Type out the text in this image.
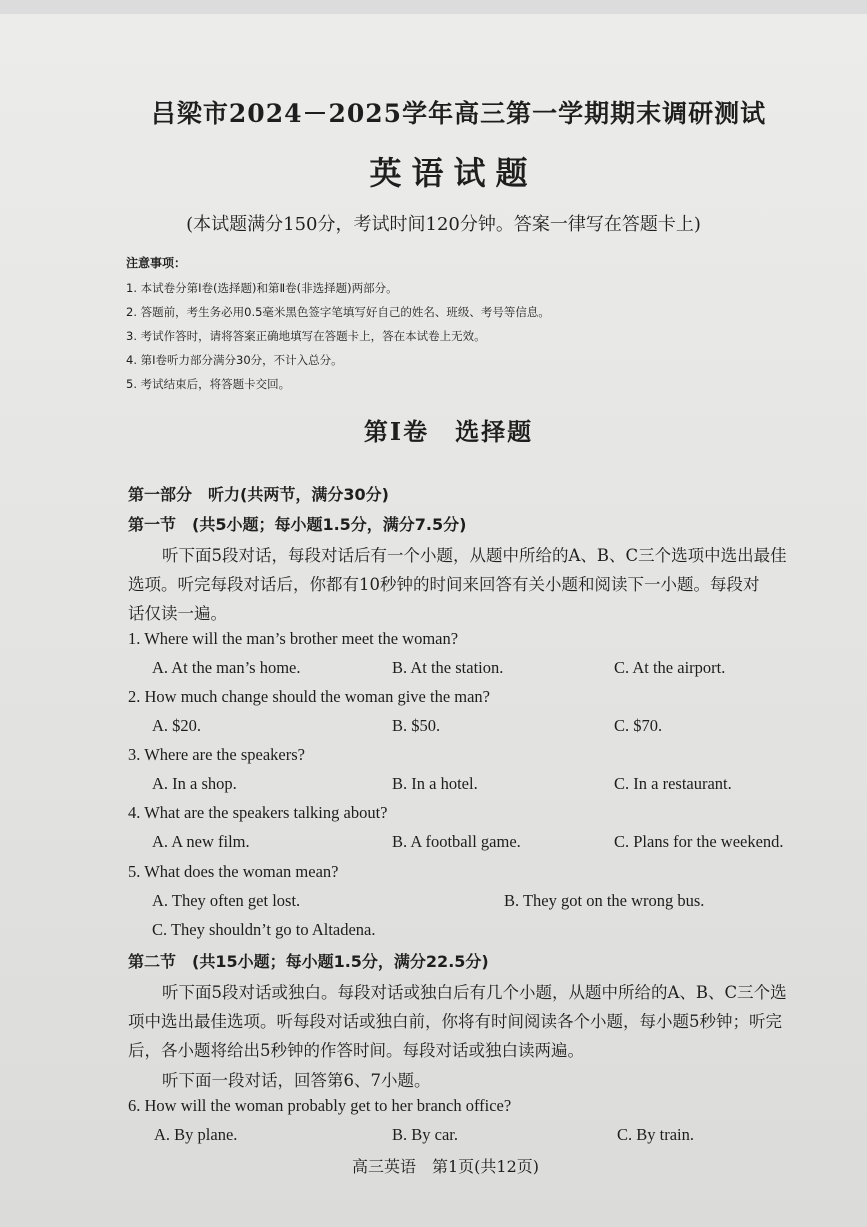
吕梁市2024－2025学年高三第一学期期末调研测试
英语试题
(本试题满分150分，考试时间120分钟。答案一律写在答题卡上)
注意事项：
1. 本试卷分第Ⅰ卷(选择题)和第Ⅱ卷(非选择题)两部分。
2. 答题前，考生务必用0.5毫米黑色签字笔填写好自己的姓名、班级、考号等信息。
3. 考试作答时，请将答案正确地填写在答题卡上，答在本试卷上无效。
4. 第Ⅰ卷听力部分满分30分，不计入总分。
5. 考试结束后，将答题卡交回。
第Ⅰ卷　选择题
第一部分　听力(共两节，满分30分)
第一节　(共5小题；每小题1.5分，满分7.5分)
听下面5段对话，每段对话后有一个小题，从题中所给的A、B、C三个选项中选出最佳
选项。听完每段对话后，你都有10秒钟的时间来回答有关小题和阅读下一小题。每段对
话仅读一遍。
1. Where will the man’s brother meet the woman?
A. At the man’s home.	B. At the station.	C. At the airport.
2. How much change should the woman give the man?
A. $20.	B. $50.	C. $70.
3. Where are the speakers?
A. In a shop.	B. In a hotel.	C. In a restaurant.
4. What are the speakers talking about?
A. A new film.	B. A football game.	C. Plans for the weekend.
5. What does the woman mean?
A. They often get lost.	B. They got on the wrong bus.
C. They shouldn’t go to Altadena.
第二节　(共15小题；每小题1.5分，满分22.5分)
听下面5段对话或独白。每段对话或独白后有几个小题，从题中所给的A、B、C三个选
项中选出最佳选项。听每段对话或独白前，你将有时间阅读各个小题，每小题5秒钟；听完
后，各小题将给出5秒钟的作答时间。每段对话或独白读两遍。
听下面一段对话，回答第6、7小题。
6. How will the woman probably get to her branch office?
A. By plane.	B. By car.	C. By train.
高三英语　第1页(共12页)
